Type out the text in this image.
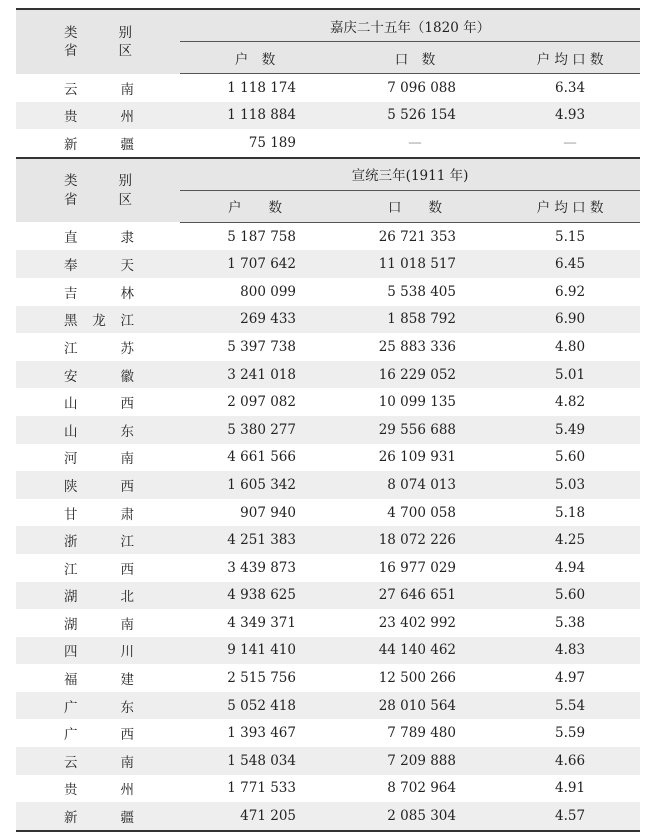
类 别
省 区	嘉庆二十五年（1820 年）		
	户　数	口　数	户 均 口 数
云南	1 118 174	7 096 088	6.34
贵州	1 118 884	5 526 154	4.93
新疆	75 189	—	—

类 别
省 区	宣统三年(1911 年)		
	户　　数	口　　数	户 均 口 数
直隶	5 187 758	26 721 353	5.15
奉天	1 707 642	11 018 517	6.45
吉林	800 099	5 538 405	6.92
黑龙江	269 433	1 858 792	6.90
江苏	5 397 738	25 883 336	4.80
安徽	3 241 018	16 229 052	5.01
山西	2 097 082	10 099 135	4.82
山东	5 380 277	29 556 688	5.49
河南	4 661 566	26 109 931	5.60
陕西	1 605 342	8 074 013	5.03
甘肃	907 940	4 700 058	5.18
浙江	4 251 383	18 072 226	4.25
江西	3 439 873	16 977 029	4.94
湖北	4 938 625	27 646 651	5.60
湖南	4 349 371	23 402 992	5.38
四川	9 141 410	44 140 462	4.83
福建	2 515 756	12 500 266	4.97
广东	5 052 418	28 010 564	5.54
广西	1 393 467	7 789 480	5.59
云南	1 548 034	7 209 888	4.66
贵州	1 771 533	8 702 964	4.91
新疆	471 205	2 085 304	4.57
